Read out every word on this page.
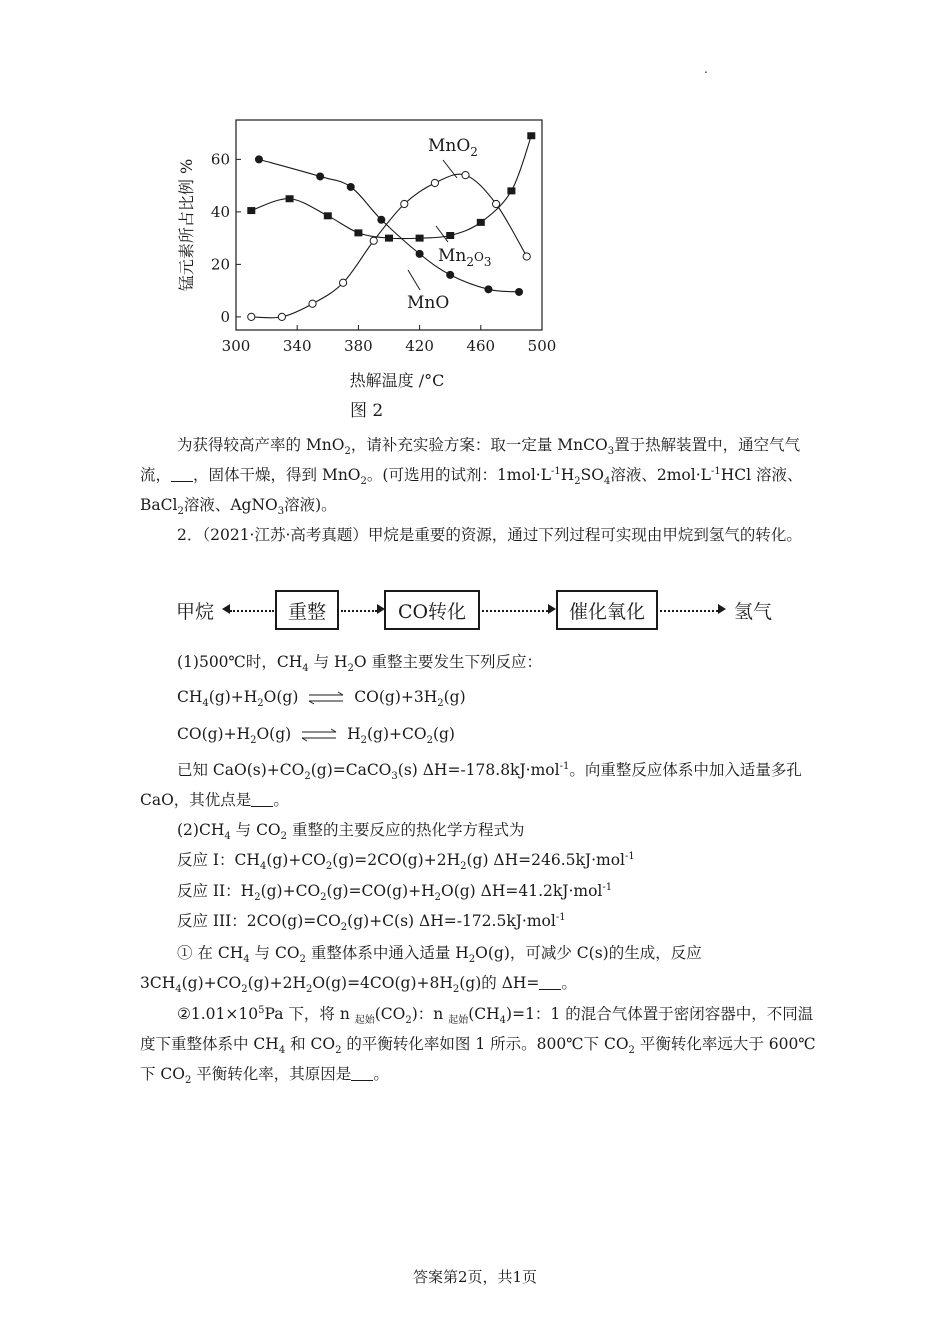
.
300 340 380 420 460 500
0
20
40
60
热解温度 /°C
锰元素所占比例 %
MnO$_2$
$Mn_2^O_3$
MnO
图 2
为获得较高产率的 MnO$_2$，请补充实验方案：取一定量 MnCO$_3$置于热解装置中，通空气气流， ，固体干燥，得到 MnO$_2$。(可选用的试剂：$1mol\cdot L^{-1}H_2SO_4$溶液、$2mol\cdot L^{-1}HCl$ 溶液、BaCl$_2$溶液、AgNO$_3$溶液)。
2．（2021·江苏·高考真题）甲烷是重要的资源，通过下列过程可实现由甲烷到氢气的转化。
甲烷	重整	CO转化	催化氧化	氢气
(1)500℃时，$CH_4$ 与 $H_2O$ 重整主要发生下列反应：
$CH_4(g)+H_2O(g)$ ⇌ $CO(g)+3H_2(g)$
$CO(g)+H_2O(g)$ ⇌ $H_2(g)+CO_2(g)$
已知 $CaO(s)+CO_2(g)=CaCO_3(s)$ ΔH=-178.8kJ·mol$^{-1}$。向重整反应体系中加入适量多孔 CaO，其优点是 。
$(2)CH_4$ 与 $CO_2$ 重整的主要反应的热化学方程式为
反应 I：$CH_4(g)+CO_2(g)=2CO(g)+2H_2(g)$ ΔH=246.5kJ·mol$^{-1}$
反应 II：$H_2(g)+CO_2(g)=CO(g)+H_2O(g)$ ΔH=41.2kJ·mol$^{-1}$
反应 III：$2CO(g)=CO_2(g)+C(s)$ ΔH=-172.5kJ·mol$^{-1}$
① 在 $CH_4$ 与 $CO_2$ 重整体系中通入适量 $H_2O(g)$，可减少 C(s)的生成，反应 $3CH_4(g)+CO_2(g)+2H_2O(g)=4CO(g)+8H_2(g)$的 ΔH= 。
$②1.01\times 10^5Pa$ 下，将 n $_{起始}(CO_2)$：n $_{起始}(CH_4)=1$：1 的混合气体置于密闭容器中，不同温度下重整体系中 $CH_4$ 和 $CO_2$ 的平衡转化率如图 1 所示。800℃下 $CO_2$ 平衡转化率远大于 600℃下 $CO_2$ 平衡转化率，其原因是 。
答案第2页，共1页
